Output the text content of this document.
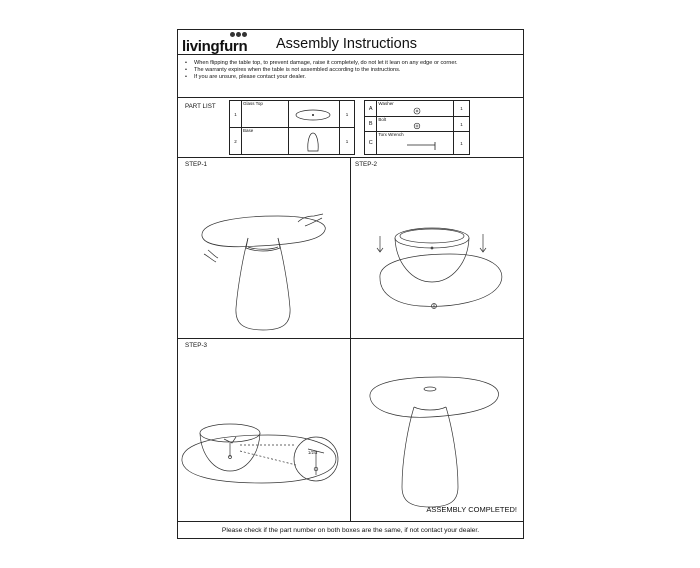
livingfurn Assembly Instructions
• When flipping the table top, to prevent damage, raise it completely, do not let it lean on any edge or corner.
• The warranty expires when the table is not assembled according to the instructions.
• If you are unsure, please contact your dealer.
PART LIST
1	Glass Top		1
2	Base		1
A	Washer	1
B	Bolt	1
C	Torx Wrench	1
STEP-1	STEP-2
STEP-3
1/2/3
ASSEMBLY COMPLETED!
Please check if the part number on both boxes are the same, if not contact your dealer.
